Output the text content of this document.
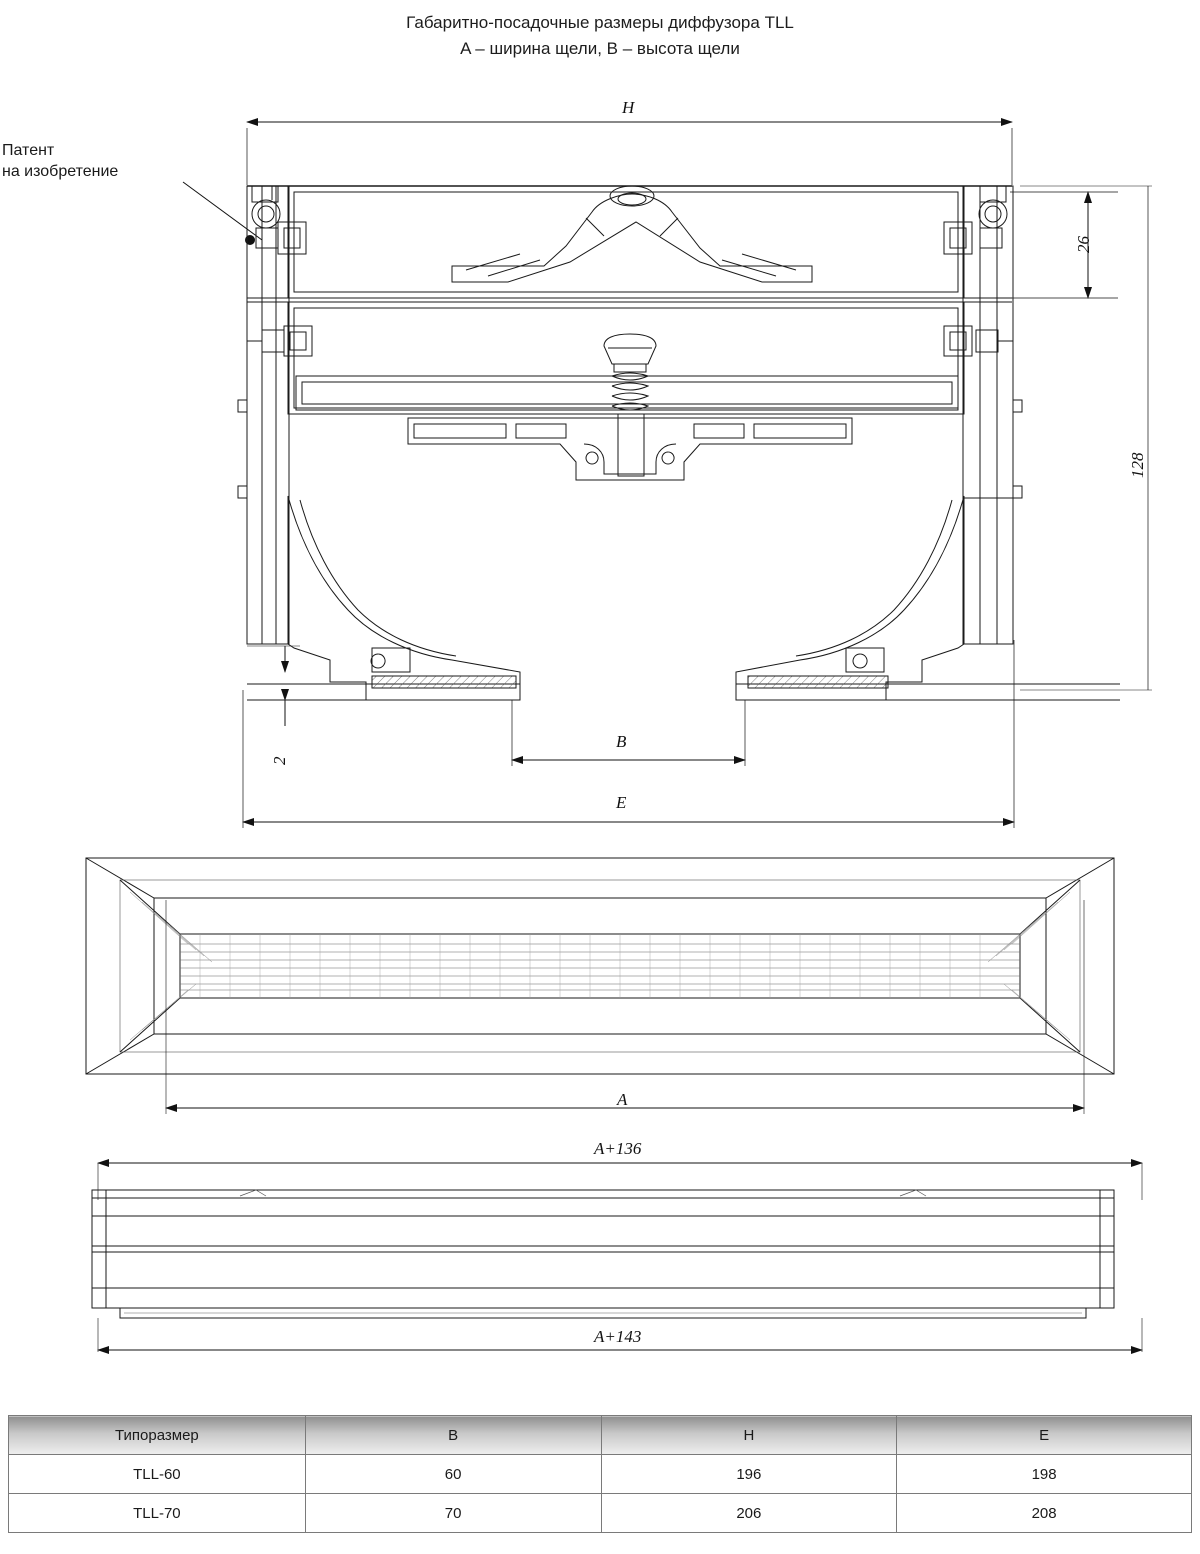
Габаритно-посадочные размеры диффузора TLL
A – ширина щели, B – высота щели
Патент
на изобретение
H
26
128
2
B
E
A
A+136
A+143
Типоразмер	B	H	E
TLL-60	60	196	198
TLL-70	70	206	208
